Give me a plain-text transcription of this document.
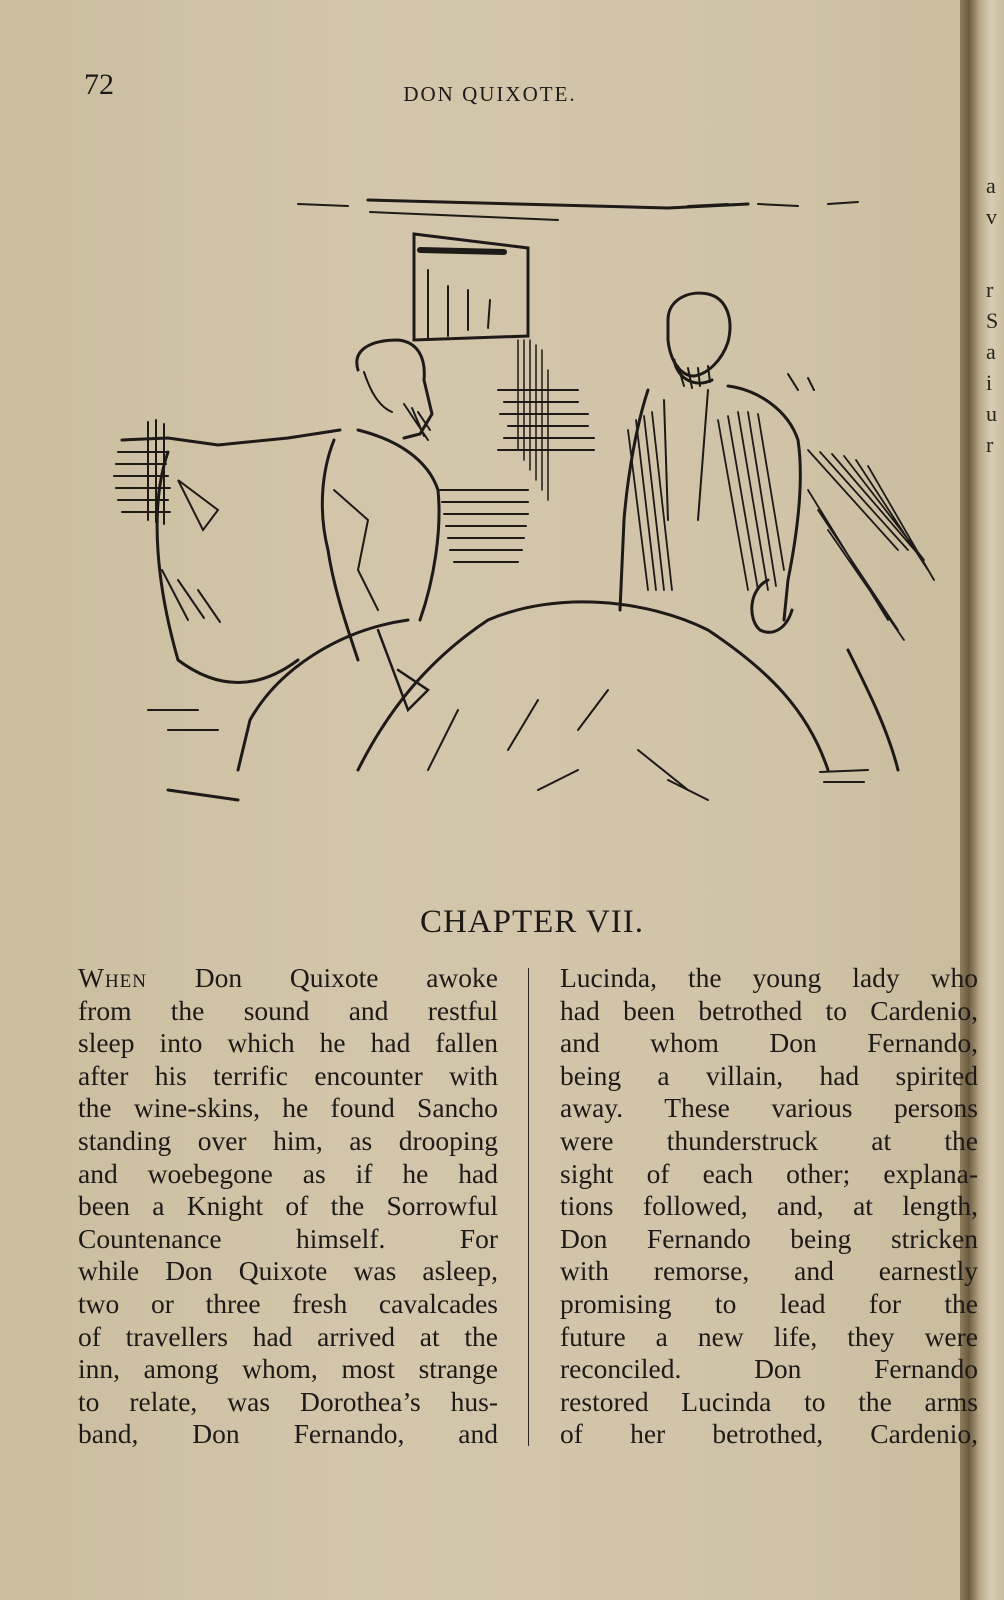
a
v
r
S
a
i
u
r
72	DON QUIXOTE.
CHAPTER VII.
When Don Quixote awoke
from the sound and restful
sleep into which he had fallen
after his terrific encounter with
the wine-skins, he found Sancho
standing over him, as drooping
and woebegone as if he had
been a Knight of the Sorrowful
Countenance himself. For
while Don Quixote was asleep,
two or three fresh cavalcades
of travellers had arrived at the
inn, among whom, most strange
to relate, was Dorothea’s hus-
band, Don Fernando, and
Lucinda, the young lady who
had been betrothed to Cardenio,
and whom Don Fernando,
being a villain, had spirited
away. These various persons
were thunderstruck at the
sight of each other; explana-
tions followed, and, at length,
Don Fernando being stricken
with remorse, and earnestly
promising to lead for the
future a new life, they were
reconciled. Don Fernando
restored Lucinda to the arms
of her betrothed, Cardenio,
